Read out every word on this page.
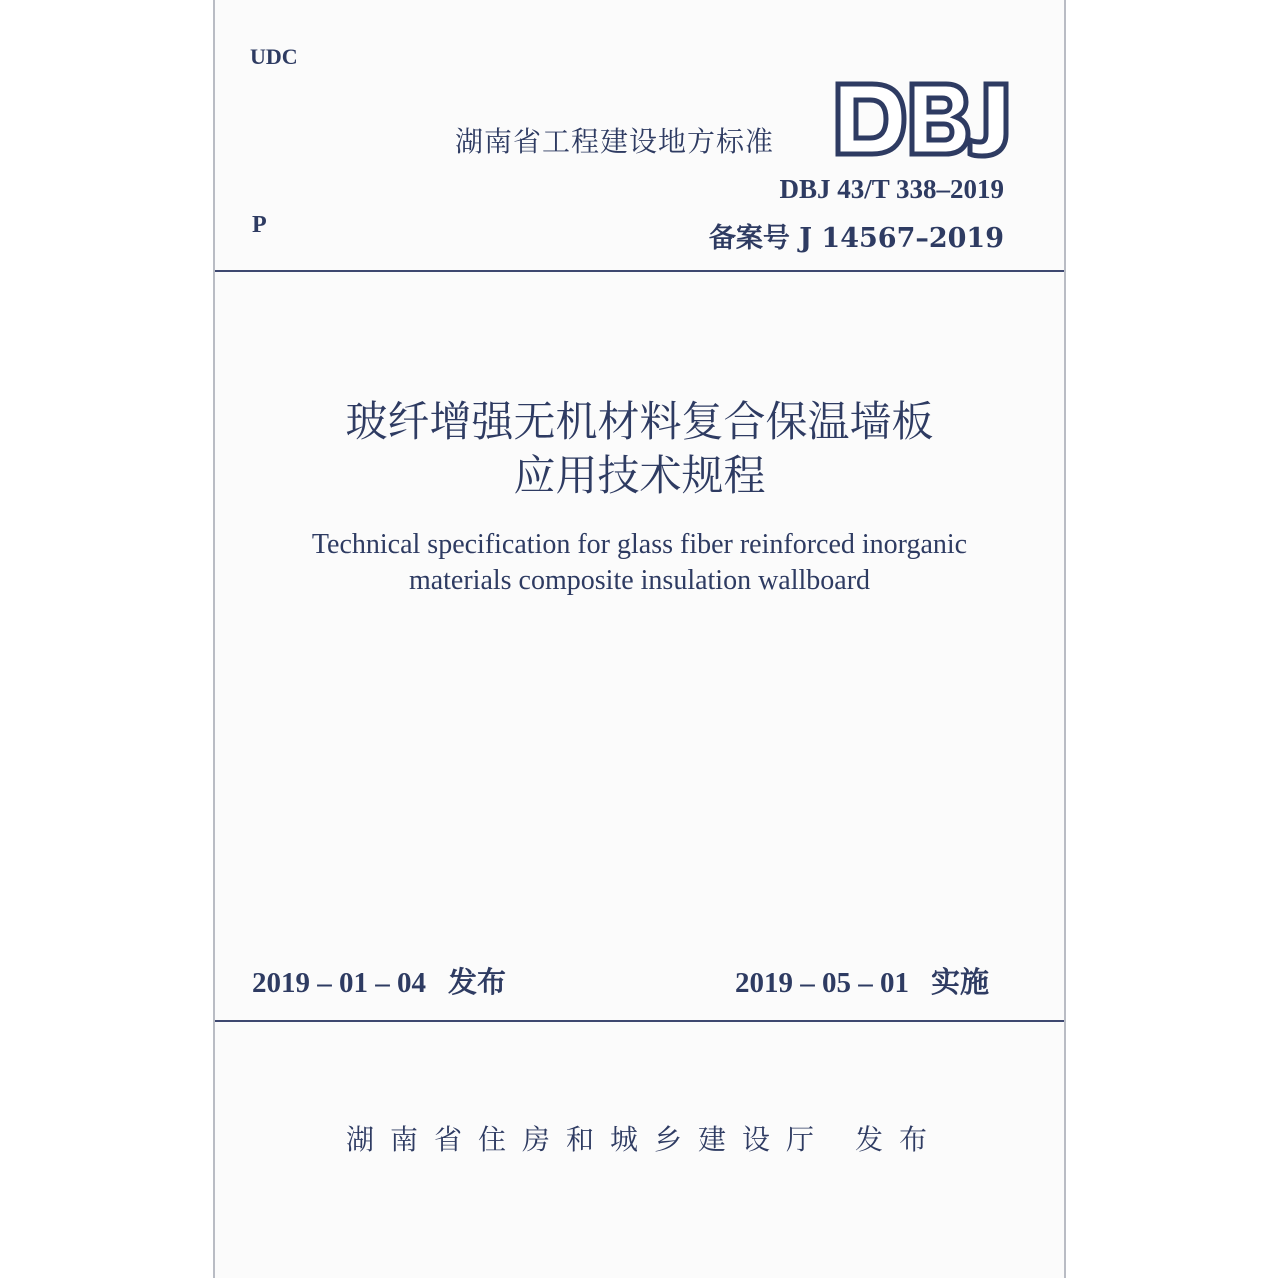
UDC
P
湖南省工程建设地方标准
DBJ 43/T 338–2019
备案号 J 14567–2019
玻纤增强无机材料复合保温墙板
应用技术规程
Technical specification for glass fiber reinforced inorganic
materials composite insulation wallboard
2019 – 01 – 04 发布	2019 – 05 – 01 实施
湖南省住房和城乡建设厅 发布
